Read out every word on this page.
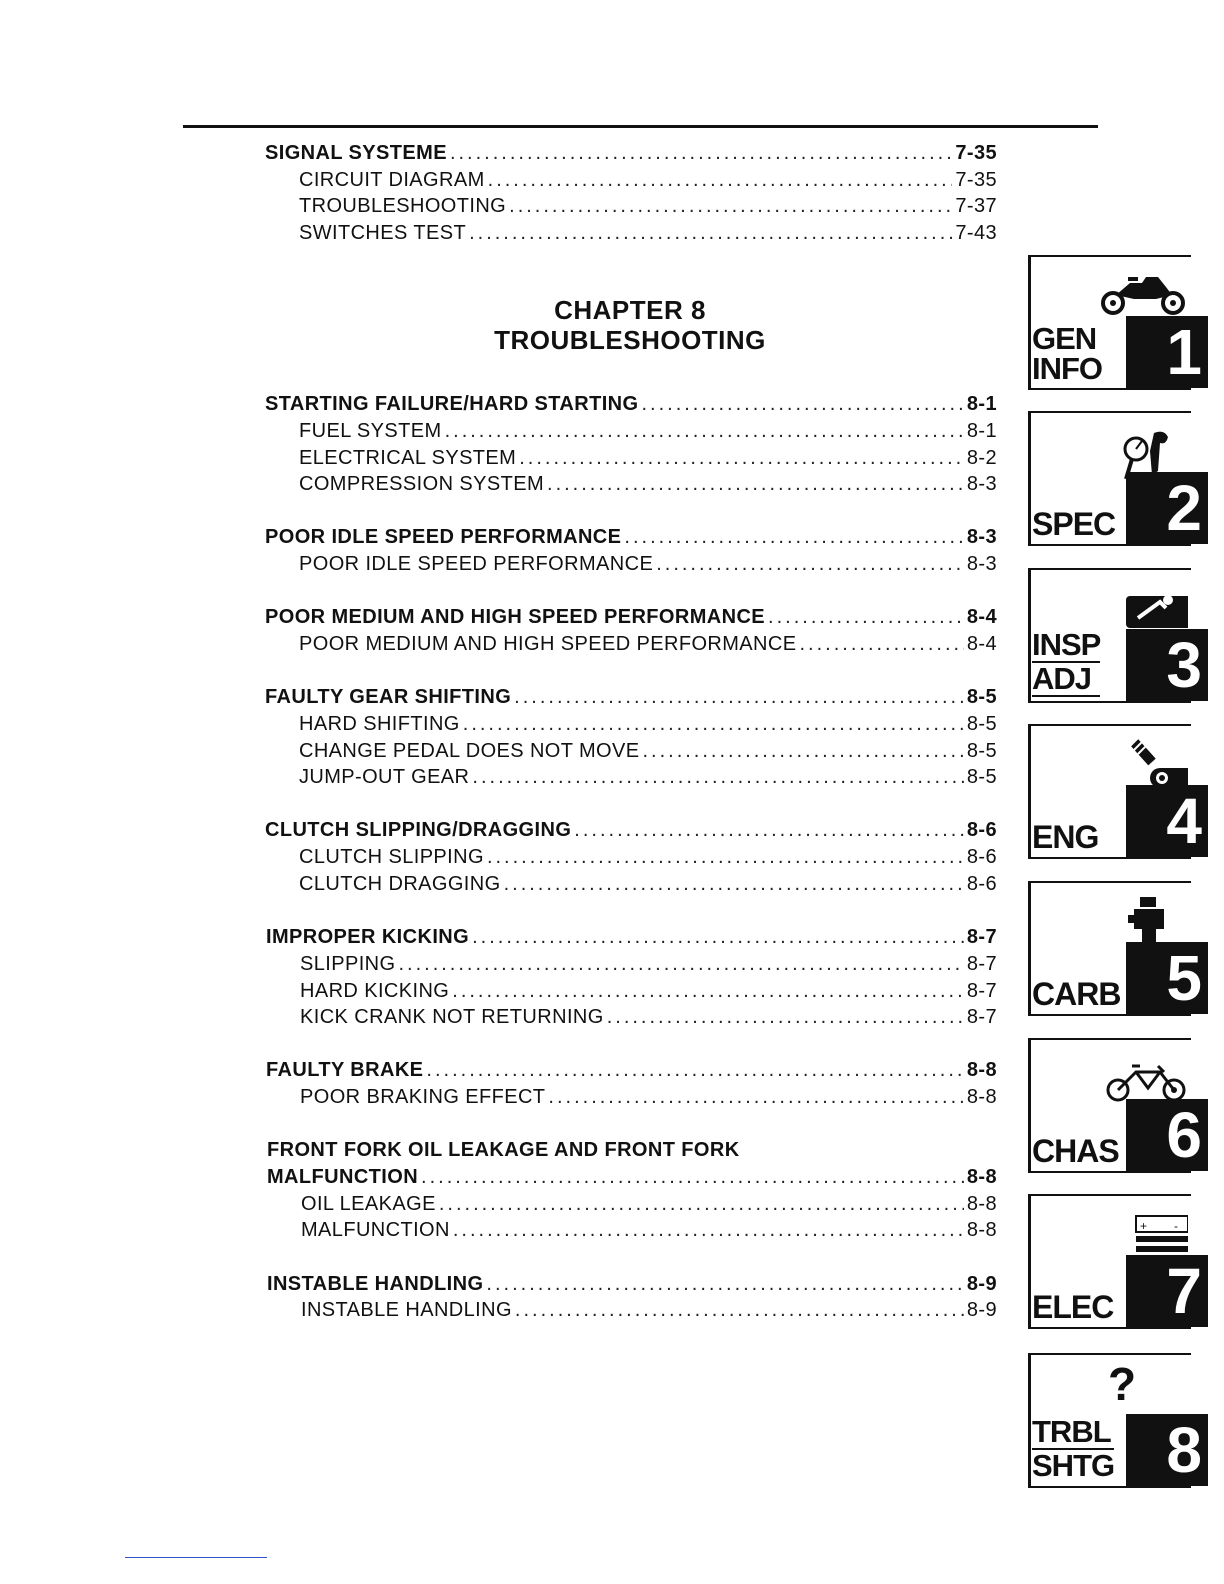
SIGNAL SYSTEME .....	7-35
CIRCUIT DIAGRAM .....	7-35
TROUBLESHOOTING .....	7-37
SWITCHES TEST .....	7-43
CHAPTER 8
TROUBLESHOOTING
STARTING FAILURE/HARD STARTING .....	8-1
FUEL SYSTEM .....	8-1
ELECTRICAL SYSTEM .....	8-2
COMPRESSION SYSTEM .....	8-3
POOR IDLE SPEED PERFORMANCE .....	8-3
POOR IDLE SPEED PERFORMANCE .....	8-3
POOR MEDIUM AND HIGH SPEED PERFORMANCE .....	8-4
POOR MEDIUM AND HIGH SPEED PERFORMANCE .....	8-4
FAULTY GEAR SHIFTING .....	8-5
HARD SHIFTING .....	8-5
CHANGE PEDAL DOES NOT MOVE .....	8-5
JUMP-OUT GEAR .....	8-5
CLUTCH SLIPPING/DRAGGING .....	8-6
CLUTCH SLIPPING .....	8-6
CLUTCH DRAGGING .....	8-6
IMPROPER KICKING .....	8-7
SLIPPING .....	8-7
HARD KICKING .....	8-7
KICK CRANK NOT RETURNING .....	8-7
FAULTY BRAKE .....	8-8
POOR BRAKING EFFECT .....	8-8
FRONT FORK OIL LEAKAGE AND FRONT FORK
MALFUNCTION .....	8-8
OIL LEAKAGE .....	8-8
MALFUNCTION .....	8-8
INSTABLE HANDLING .....	8-9
INSTABLE HANDLING .....	8-9
GEN
INFO	1
SPEC 2
INSP
ADJ	3
ENG	4
CARB 5
CHAS 6
+ -
ELEC 7
?
TRBL
SHTG 8
